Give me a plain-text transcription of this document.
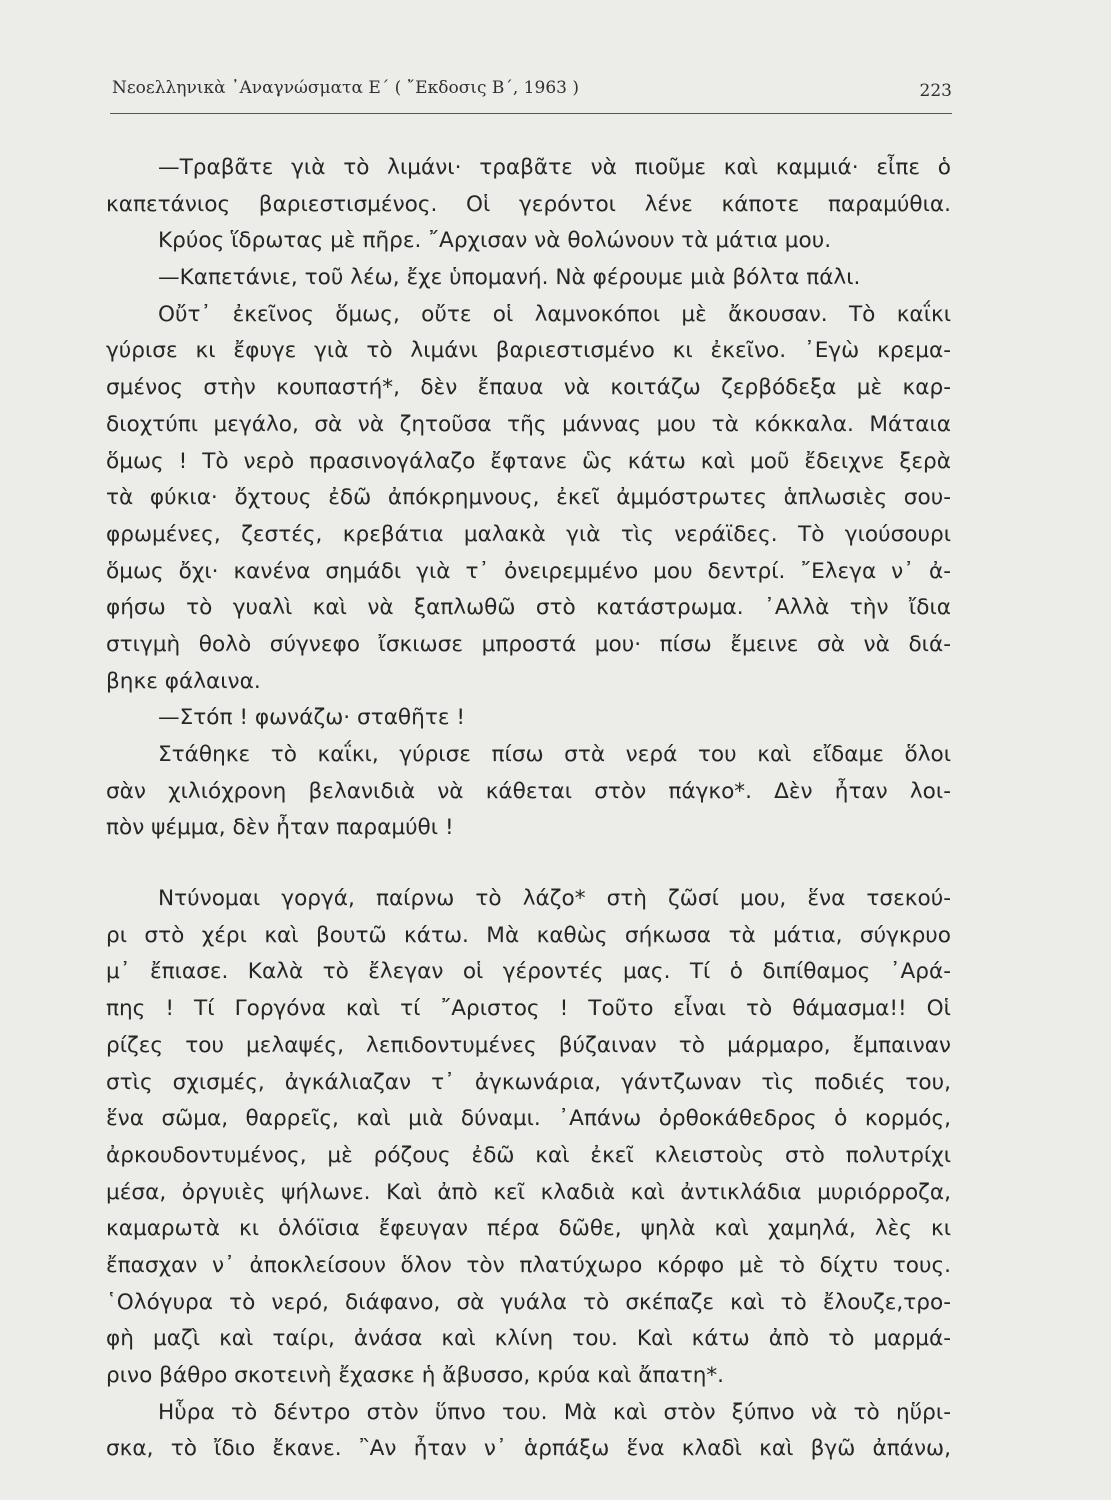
Νεοελληνικὰ ᾿Αναγνώσματα Ε΄ ( ῎Εκδοσις Β΄, 1963 )	223
—Τραβᾶτε γιὰ τὸ λιμάνι· τραβᾶτε νὰ πιοῦμε καὶ καμμιά· εἶπε ὁ
καπετάνιος βαριεστισμένος. Οἱ γερόντοι λένε κάποτε παραμύθια.
Κρύος ἵδρωτας μὲ πῆρε. ῎Αρχισαν νὰ θολώνουν τὰ μάτια μου.
—Καπετάνιε, τοῦ λέω, ἔχε ὑπομανή. Νὰ φέρουμε μιὰ βόλτα πάλι.
Οὔτ᾿ ἐκεῖνος ὅμως, οὔτε οἱ λαμνοκόποι μὲ ἄκουσαν. Τὸ καΐκι
γύρισε κι ἔφυγε γιὰ τὸ λιμάνι βαριεστισμένο κι ἐκεῖνο. ᾿Εγὼ κρεμα-
σμένος στὴν κουπαστή*, δὲν ἔπαυα νὰ κοιτάζω ζερβόδεξα μὲ καρ-
διοχτύπι μεγάλο, σὰ νὰ ζητοῦσα τῆς μάννας μου τὰ κόκκαλα. Μάταια
ὅμως ! Τὸ νερὸ πρασινογάλαζο ἔφτανε ὣς κάτω καὶ μοῦ ἔδειχνε ξερὰ
τὰ φύκια· ὄχτους ἐδῶ ἀπόκρημνους, ἐκεῖ ἀμμόστρωτες ἁπλωσιὲς σου-
φρωμένες, ζεστές, κρεβάτια μαλακὰ γιὰ τὶς νεράϊδες. Τὸ γιούσουρι
ὅμως ὄχι· κανένα σημάδι γιὰ τ᾿ ὀνειρεμμένο μου δεντρί. ῎Ελεγα ν᾿ ἀ-
φήσω τὸ γυαλὶ καὶ νὰ ξαπλωθῶ στὸ κατάστρωμα. ᾿Αλλὰ τὴν ἴδια
στιγμὴ θολὸ σύγνεφο ἴσκιωσε μπροστά μου· πίσω ἔμεινε σὰ νὰ διά-
βηκε φάλαινα.
—Στόπ ! φωνάζω· σταθῆτε !
Στάθηκε τὸ καΐκι, γύρισε πίσω στὰ νερά του καὶ εἴδαμε ὅλοι
σὰν χιλιόχρονη βελανιδιὰ νὰ κάθεται στὸν πάγκο*. Δὲν ἦταν λοι-
πὸν ψέμμα, δὲν ἦταν παραμύθι !
Ντύνομαι γοργά, παίρνω τὸ λάζο* στὴ ζῶσί μου, ἕνα τσεκού-
ρι στὸ χέρι καὶ βουτῶ κάτω. Μὰ καθὼς σήκωσα τὰ μάτια, σύγκρυο
μ᾿ ἔπιασε. Καλὰ τὸ ἔλεγαν οἱ γέροντές μας. Τί ὁ διπίθαμος ᾿Αρά-
πης ! Τί Γοργόνα καὶ τί ῎Αριστος ! Τοῦτο εἶναι τὸ θάμασμα!! Οἱ
ρίζες του μελαψές, λεπιδοντυμένες βύζαιναν τὸ μάρμαρο, ἔμπαιναν
στὶς σχισμές, ἀγκάλιαζαν τ᾿ ἀγκωνάρια, γάντζωναν τὶς ποδιές του,
ἕνα σῶμα, θαρρεῖς, καὶ μιὰ δύναμι. ᾿Απάνω ὀρθοκάθεδρος ὁ κορμός,
ἀρκουδοντυμένος, μὲ ρόζους ἐδῶ καὶ ἐκεῖ κλειστοὺς στὸ πολυτρίχι
μέσα, ὀργυιὲς ψήλωνε. Καὶ ἀπὸ κεῖ κλαδιὰ καὶ ἀντικλάδια μυριόρροζα,
καμαρωτὰ κι ὁλόϊσια ἔφευγαν πέρα δῶθε, ψηλὰ καὶ χαμηλά, λὲς κι
ἔπασχαν ν᾿ ἀποκλείσουν ὅλον τὸν πλατύχωρο κόρφο μὲ τὸ δίχτυ τους.
῾Ολόγυρα τὸ νερό, διάφανο, σὰ γυάλα τὸ σκέπαζε καὶ τὸ ἔλουζε,τρο-
φὴ μαζὶ καὶ ταίρι, ἀνάσα καὶ κλίνη του. Καὶ κάτω ἀπὸ τὸ μαρμά-
ρινο βάθρο σκοτεινὴ ἔχασκε ἡ ἄβυσσο, κρύα καὶ ἄπατη*.
Ηὗρα τὸ δέντρο στὸν ὕπνο του. Μὰ καὶ στὸν ξύπνο νὰ τὸ ηὕρι-
σκα, τὸ ἴδιο ἔκανε. ῍Αν ἦταν ν᾿ ἁρπάξω ἕνα κλαδὶ καὶ βγῶ ἀπάνω,
